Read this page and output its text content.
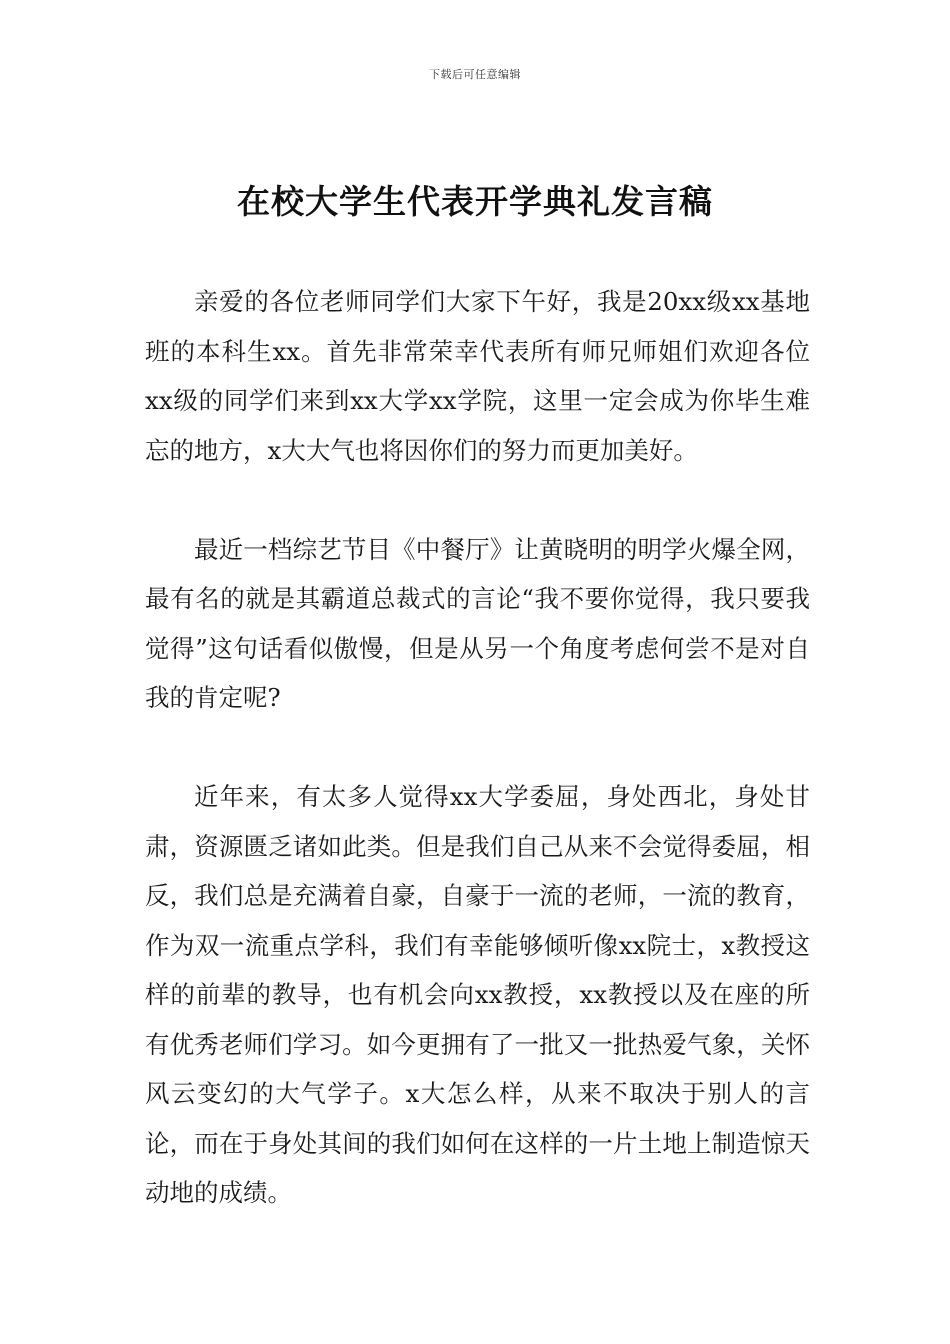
下载后可任意编辑
在校大学生代表开学典礼发言稿

亲爱的各位老师同学们大家下午好，我是20xx级xx基地班的本科生xx。首先非常荣幸代表所有师兄师姐们欢迎各位xx级的同学们来到xx大学xx学院，这里一定会成为你毕生难忘的地方，x大大气也将因你们的努力而更加美好。

最近一档综艺节目《中餐厅》让黄晓明的明学火爆全网，最有名的就是其霸道总裁式的言论“我不要你觉得，我只要我觉得”这句话看似傲慢，但是从另一个角度考虑何尝不是对自我的肯定呢?

近年来，有太多人觉得xx大学委屈，身处西北，身处甘肃，资源匮乏诸如此类。但是我们自己从来不会觉得委屈，相反，我们总是充满着自豪，自豪于一流的老师，一流的教育，作为双一流重点学科，我们有幸能够倾听像xx院士，x教授这样的前辈的教导，也有机会向xx教授，xx教授以及在座的所有优秀老师们学习。如今更拥有了一批又一批热爱气象，关怀风云变幻的大气学子。x大怎么样，从来不取决于别人的言论，而在于身处其间的我们如何在这样的一片土地上制造惊天动地的成绩。
